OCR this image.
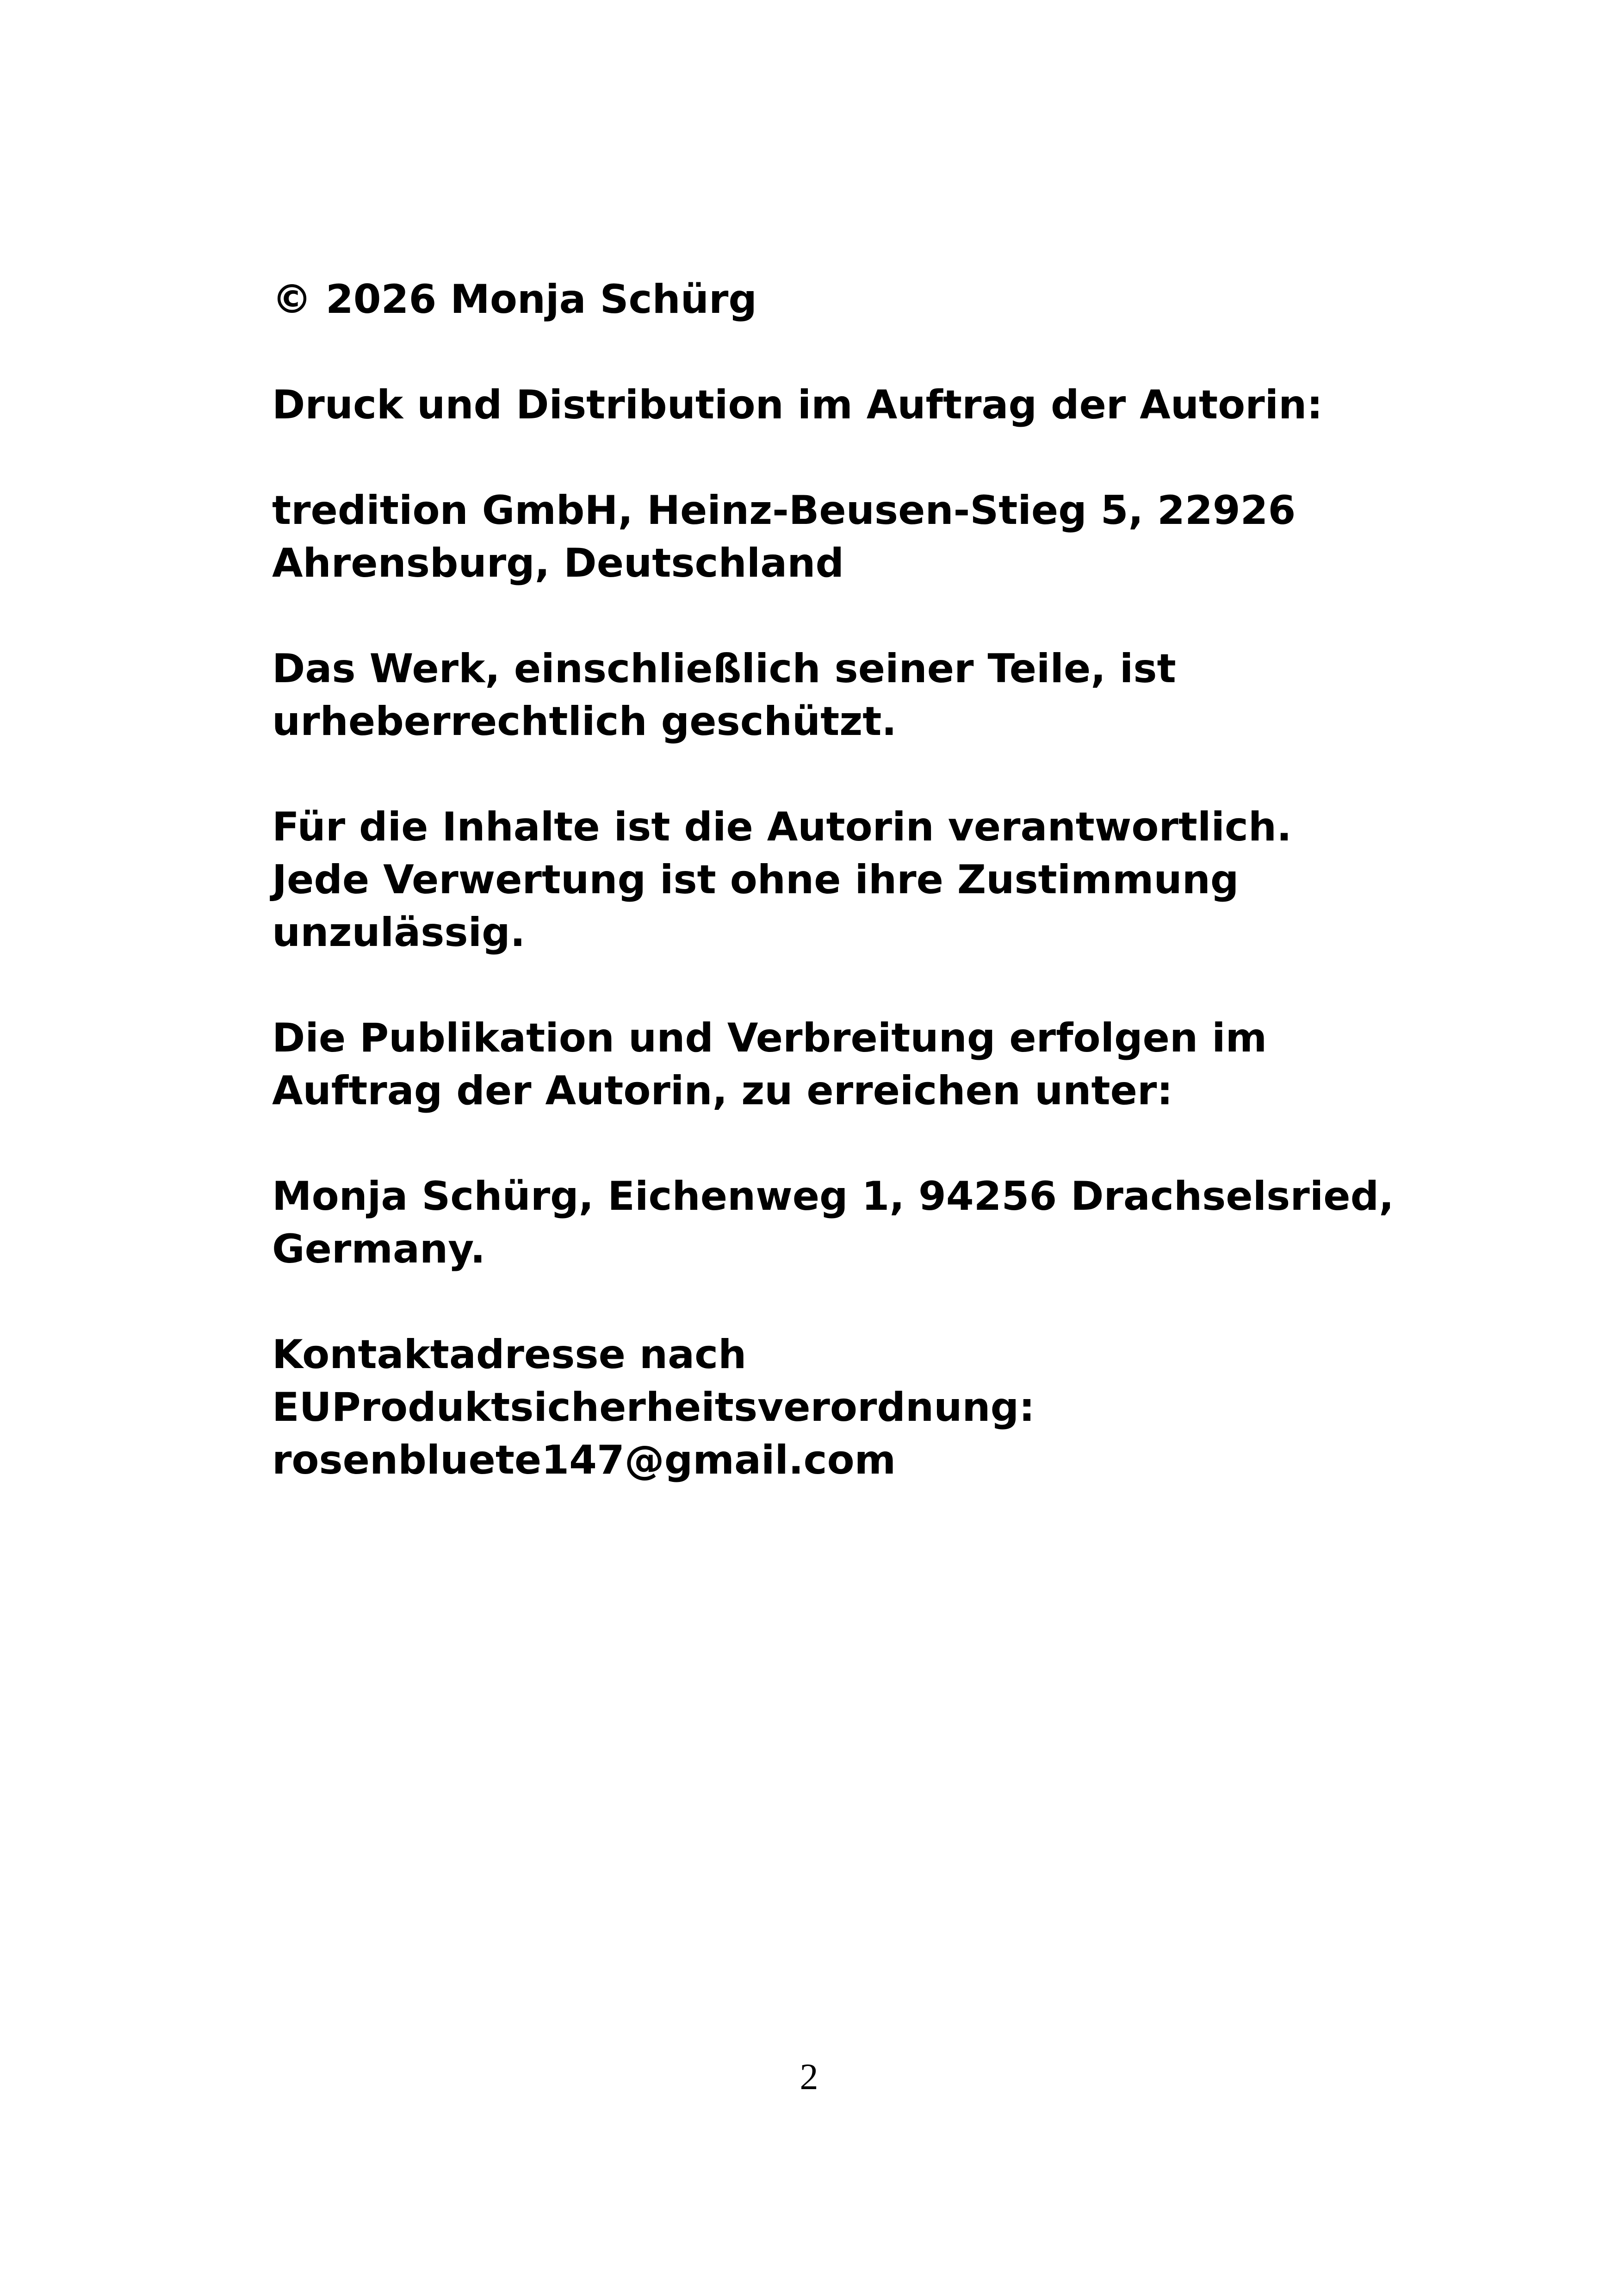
© 2026 Monja Schürg

Druck und Distribution im Auftrag der Autorin:

tredition GmbH, Heinz-Beusen-Stieg 5, 22926
Ahrensburg, Deutschland

Das Werk, einschließlich seiner Teile, ist
urheberrechtlich geschützt.

Für die Inhalte ist die Autorin verantwortlich.
Jede Verwertung ist ohne ihre Zustimmung
unzulässig.

Die Publikation und Verbreitung erfolgen im
Auftrag der Autorin, zu erreichen unter:

Monja Schürg, Eichenweg 1, 94256 Drachselsried,
Germany.

Kontaktadresse nach
EUProduktsicherheitsverordnung:
rosenbluete147@gmail.com

2
